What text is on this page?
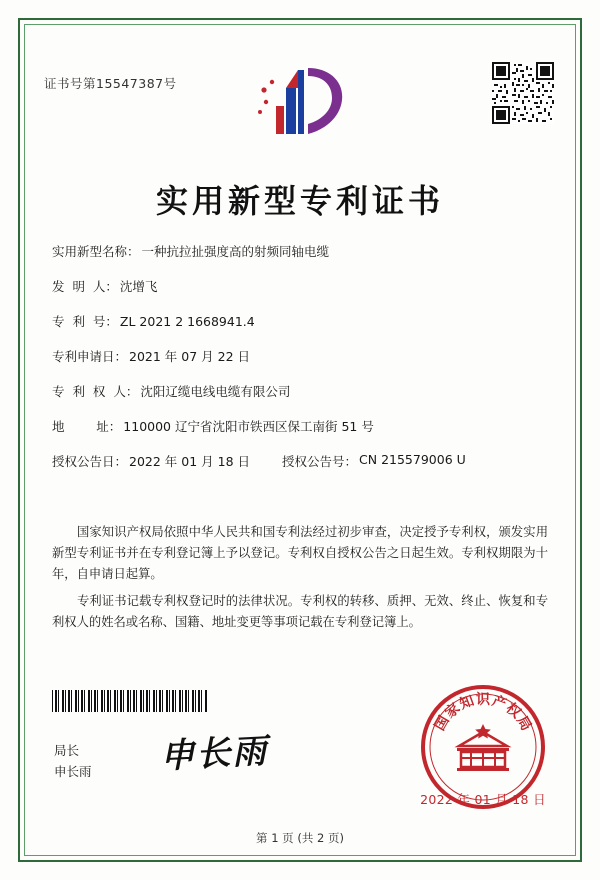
证书号第15547387号
实用新型专利证书
实用新型名称： 一种抗拉扯强度高的射频同轴电缆
发  明  人： 沈增飞
专  利  号： ZL 2021 2 1668941.4
专利申请日： 2021 年 07 月 22 日
专  利  权  人： 沈阳辽缆电线电缆有限公司
地        址： 110000 辽宁省沈阳市铁西区保工南街 51 号
授权公告日： 2022 年 01 月 18 日	授权公告号： CN 215579006 U

国家知识产权局依照中华人民共和国专利法经过初步审查，决定授予专利权，颁发实用新型专利证书并在专利登记簿上予以登记。专利权自授权公告之日起生效。专利权期限为十年，自申请日起算。

专利证书记载专利权登记时的法律状况。专利权的转移、质押、无效、终止、恢复和专利权人的姓名或名称、国籍、地址变更等事项记载在专利登记簿上。

局长
申长雨 申长雨
国
家
知 识 产
权
局
2022 年 01 月 18 日
第 1 页 (共 2 页)
